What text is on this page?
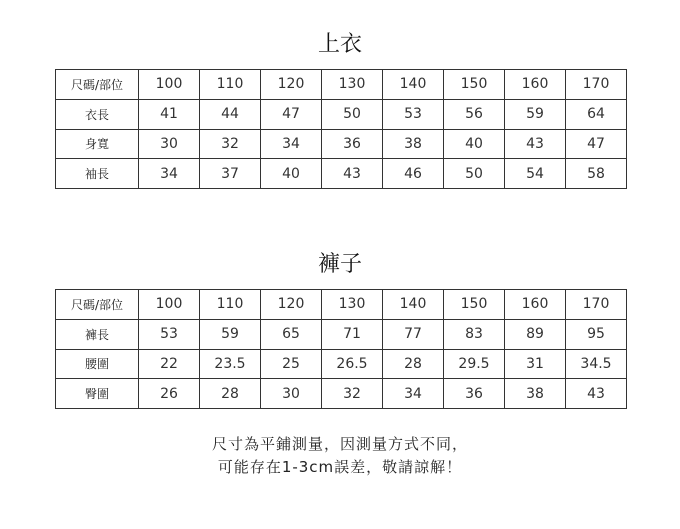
上衣
尺碼/部位	100	110	120	130	140	150	160	170
衣長	41	44	47	50	53	56	59	64
身寬	30	32	34	36	38	40	43	47
袖長	34	37	40	43	46	50	54	58
褲子
尺碼/部位	100	110	120	130	140	150	160	170
褲長	53	59	65	71	77	83	89	95
腰圍	22	23.5	25	26.5	28	29.5	31	34.5
臀圍	26	28	30	32	34	36	38	43
尺寸為平鋪測量，因測量方式不同，
可能存在1-3cm誤差，敬請諒解！
